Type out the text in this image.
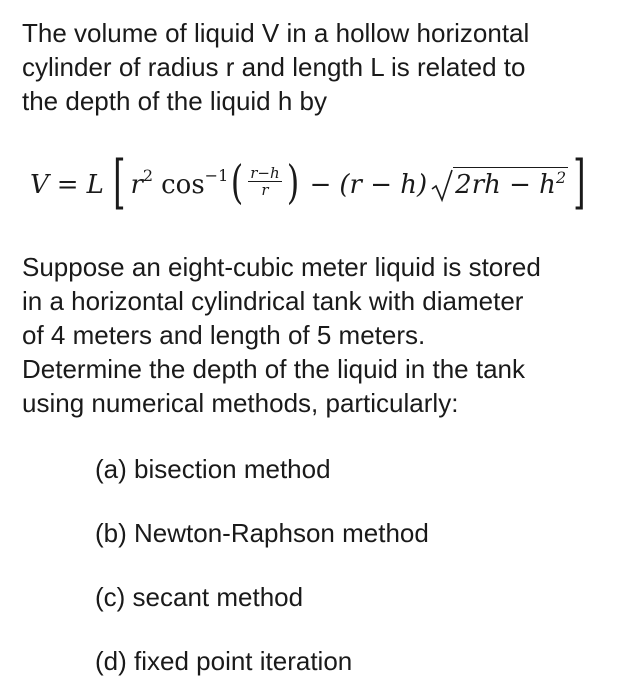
The volume of liquid V in a hollow horizontal
cylinder of radius r and length L is related to
the depth of the liquid h by
V = L [ $r^2$ $\cos^{-1}$ ( $\frac{r-h}{r}$ ) − (r − h) $2rh - h^2$ ]
Suppose an eight-cubic meter liquid is stored
in a horizontal cylindrical tank with diameter
of 4 meters and length of 5 meters.
Determine the depth of the liquid in the tank
using numerical methods, particularly:

(a) bisection method

(b) Newton-Raphson method

(c) secant method

(d) fixed point iteration
